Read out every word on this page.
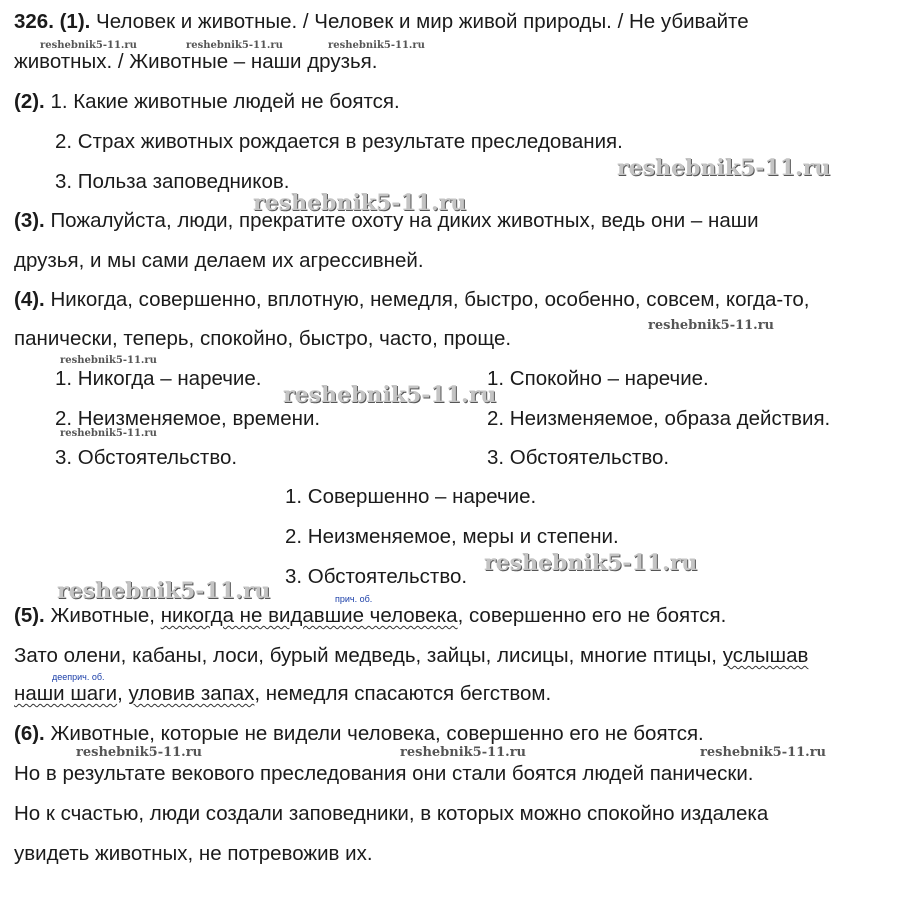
326. (1). Человек и животные. / Человек и мир живой природы. / Не убивайте
животных. / Животные – наши друзья.
(2). 1. Какие животные людей не боятся.
2. Страх животных рождается в результате преследования.
3. Польза заповедников.
(3). Пожалуйста, люди, прекратите охоту на диких животных, ведь они – наши
друзья, и мы сами делаем их агрессивней.
(4). Никогда, совершенно, вплотную, немедля, быстро, особенно, совсем, когда-то,
панически, теперь, спокойно, быстро, часто, проще.
1. Никогда – наречие.
2. Неизменяемое, времени.
3. Обстоятельство.
1. Спокойно – наречие.
2. Неизменяемое, образа действия.
3. Обстоятельство.
1. Совершенно – наречие.
2. Неизменяемое, меры и степени.
3. Обстоятельство.
прич. об.
(5). Животные, никогда не видавшие человека, совершенно его не боятся.
Зато олени, кабаны, лоси, бурый медведь, зайцы, лисицы, многие птицы, услышав
дееприч. об.
наши шаги, уловив запах, немедля спасаются бегством.
(6). Животные, которые не видели человека, совершенно его не боятся.
Но в результате векового преследования они стали боятся людей панически.
Но к счастью, люди создали заповедники, в которых можно спокойно издалека
увидеть животных, не потревожив их.
reshebnik5-11.ru	reshebnik5-11.ru	reshebnik5-11.ru
reshebnik5-11.ru
reshebnik5-11.ru
reshebnik5-11.ru
reshebnik5-11.ru
reshebnik5-11.ru
reshebnik5-11.ru
reshebnik5-11.ru
reshebnik5-11.ru
reshebnik5-11.ru	reshebnik5-11.ru	reshebnik5-11.ru
